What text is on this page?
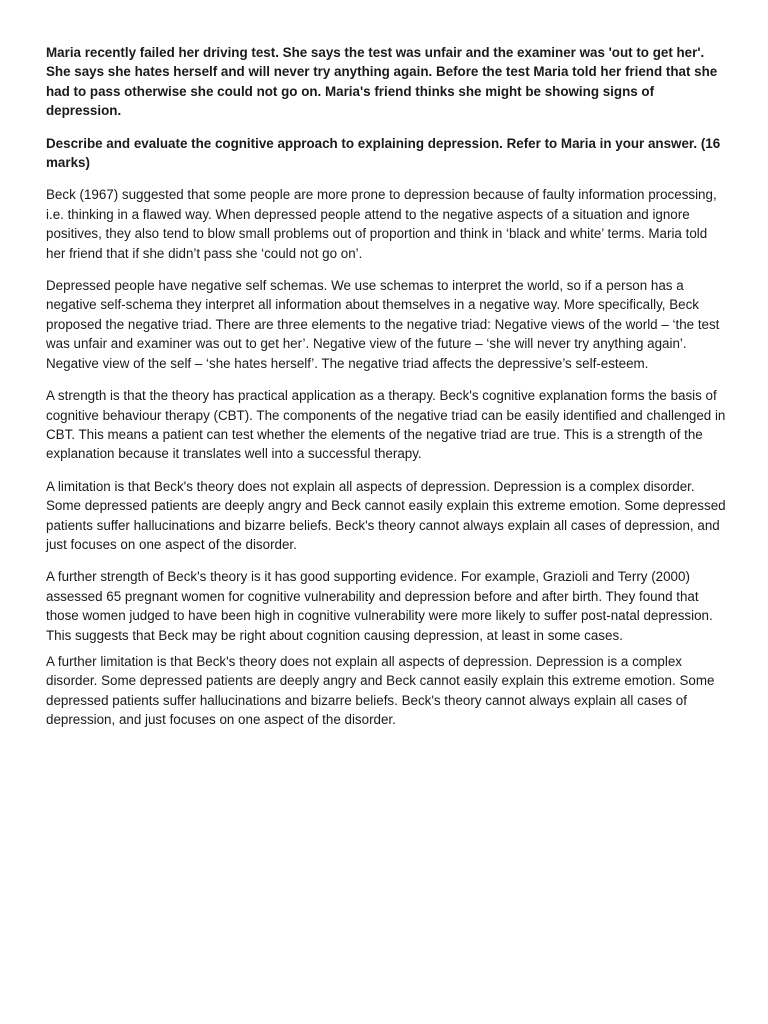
Maria recently failed her driving test. She says the test was unfair and the examiner was 'out to get her'. She says she hates herself and will never try anything again. Before the test Maria told her friend that she had to pass otherwise she could not go on. Maria's friend thinks she might be showing signs of depression.

Describe and evaluate the cognitive approach to explaining depression. Refer to Maria in your answer. (16 marks)

Beck (1967) suggested that some people are more prone to depression because of faulty information processing, i.e. thinking in a flawed way. When depressed people attend to the negative aspects of a situation and ignore positives, they also tend to blow small problems out of proportion and think in ‘black and white’ terms. Maria told her friend that if she didn’t pass she ‘could not go on’.

Depressed people have negative self schemas. We use schemas to interpret the world, so if a person has a negative self-schema they interpret all information about themselves in a negative way. More specifically, Beck proposed the negative triad. There are three elements to the negative triad: Negative views of the world – ‘the test was unfair and examiner was out to get her’. Negative view of the future – ‘she will never try anything again’. Negative view of the self – ‘she hates herself’. The negative triad affects the depressive’s self-esteem.

A strength is that the theory has practical application as a therapy. Beck's cognitive explanation forms the basis of cognitive behaviour therapy (CBT). The components of the negative triad can be easily identified and challenged in CBT. This means a patient can test whether the elements of the negative triad are true. This is a strength of the explanation because it translates well into a successful therapy.

A limitation is that Beck's theory does not explain all aspects of depression. Depression is a complex disorder. Some depressed patients are deeply angry and Beck cannot easily explain this extreme emotion. Some depressed patients suffer hallucinations and bizarre beliefs. Beck's theory cannot always explain all cases of depression, and just focuses on one aspect of the disorder.

A further strength of Beck's theory is it has good supporting evidence. For example, Grazioli and Terry (2000) assessed 65 pregnant women for cognitive vulnerability and depression before and after birth. They found that those women judged to have been high in cognitive vulnerability were more likely to suffer post-natal depression. This suggests that Beck may be right about cognition causing depression, at least in some cases.

A further limitation is that Beck's theory does not explain all aspects of depression. Depression is a complex disorder. Some depressed patients are deeply angry and Beck cannot easily explain this extreme emotion. Some depressed patients suffer hallucinations and bizarre beliefs. Beck's theory cannot always explain all cases of depression, and just focuses on one aspect of the disorder.
